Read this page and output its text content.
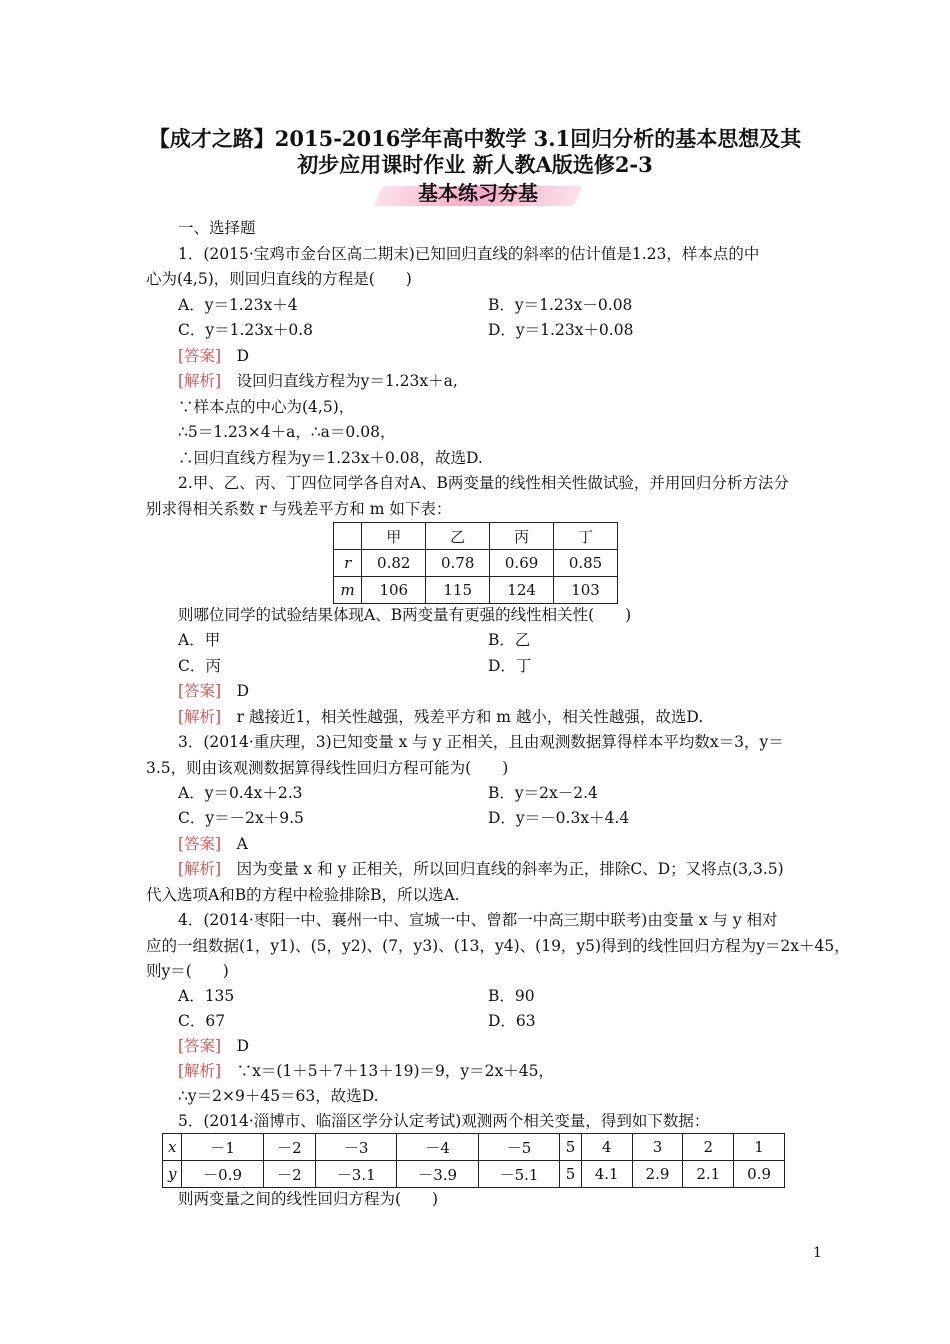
【成才之路】2015-2016学年高中数学 3.1回归分析的基本思想及其
初步应用课时作业 新人教A版选修2-3
基本练习夯基
一、选择题
1．(2015·宝鸡市金台区高二期末)已知回归直线的斜率的估计值是1.23，样本点的中
心为(4,5)，则回归直线的方程是(　　)
A．y＝1.23x＋4	B．y＝1.23x－0.08
C．y＝1.23x＋0.8	D．y＝1.23x＋0.08
[答案]　 D
[解析]　 设回归直线方程为y＝1.23x＋a,
∵样本点的中心为(4,5)，
∴5＝1.23×4＋a，∴a＝0.08，
∴回归直线方程为y＝1.23x＋0.08，故选D.
2.甲、乙、丙、丁四位同学各自对A、B两变量的线性相关性做试验，并用回归分析方法分
别求得相关系数 r 与残差平方和 m 如下表：
	甲	乙	丙	丁
r	0.82	0.78	0.69	0.85
m	106	115	124	103
则哪位同学的试验结果体现A、B两变量有更强的线性相关性(　　)
A．甲	B．乙
C．丙	D．丁
[答案]　 D
[解析]　 r 越接近1，相关性越强，残差平方和 m 越小，相关性越强，故选D.
3．(2014·重庆理，3)已知变量 x 与 y 正相关，且由观测数据算得样本平均数x＝3，y＝
3.5，则由该观测数据算得线性回归方程可能为(　　)
A．y＝0.4x＋2.3	B．y＝2x－2.4
C．y＝－2x＋9.5	D．y＝－0.3x＋4.4
[答案]　 A
[解析]　 因为变量 x 和 y 正相关，所以回归直线的斜率为正，排除C、D；又将点(3,3.5)
代入选项A和B的方程中检验排除B，所以选A.
4．(2014·枣阳一中、襄州一中、宣城一中、曾都一中高三期中联考)由变量 x 与 y 相对
应的一组数据(1，y1)、(5，y2)、(7，y3)、(13，y4)、(19，y5)得到的线性回归方程为y＝2x＋45，
则y＝(　　)
A．135	B．90
C．67	D．63
[答案]　 D
[解析]　 ∵x＝(1＋5＋7＋13＋19)＝9，y＝2x＋45，
∴y＝2×9＋45＝63，故选D.
5．(2014·淄博市、临淄区学分认定考试)观测两个相关变量，得到如下数据：
x	－1	－2	－3	－4	－5	5	4	3	2	1
y	－0.9	－2	－3.1	－3.9	－5.1	5	4.1	2.9	2.1	0.9
则两变量之间的线性回归方程为(　　)
1
